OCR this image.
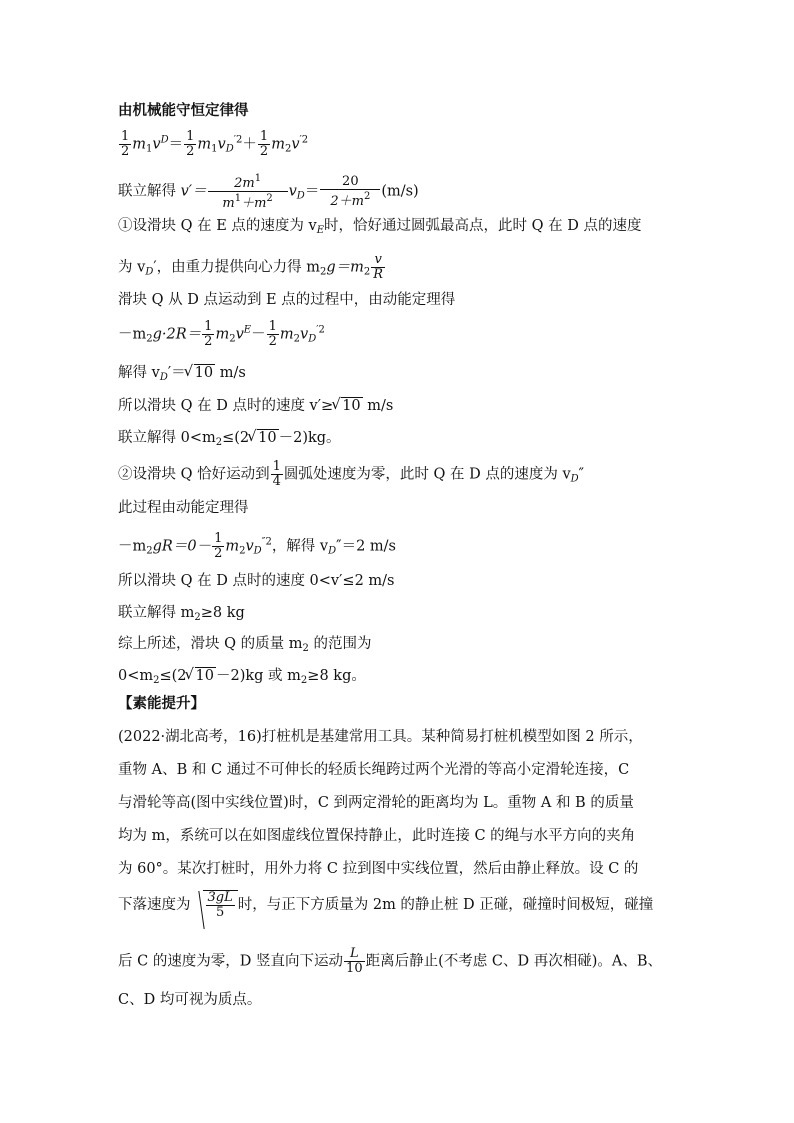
由机械能守恒定律得
$\frac{1}{2} m_1v^D= \frac{1}{2} m_1v_D^{'2}+ \frac{1}{2} m_2v^{'2}$
联立解得 $v'= \frac{2m^1}{m^1+m^2} v_D= \frac{20}{2+m^2} (m/s)$
①设滑块 Q 在 E 点的速度为 $v_E$时，恰好通过圆弧最高点，此时 Q 在 D 点的速度
为 $v_D'$，由重力提供向心力得 $m_2g=m_2 \frac{v}{R}$
滑块 Q 从 D 点运动到 E 点的过程中，由动能定理得
$-m_2g\cdot 2R= \frac{1}{2} m_2v^E- \frac{1}{2} m_2v_D^{'2}$
解得 $v_D'=√$ 10 m/s
所以滑块 Q 在 D 点时的速度 v′≥√ 10 m/s
联立解得 $0<m_2\le(2√$ 10 －2)kg。
②设滑块 Q 恰好运动到 $\frac{1}{4}$ 圆弧处速度为零，此时 Q 在 D 点的速度为 $v_D''$
此过程由动能定理得
$-m_2gR=0- \frac{1}{2} m_2v_D^{''2}$，解得 $v_D''=2$ m/s
所以滑块 Q 在 D 点时的速度 0<v′≤2 m/s
联立解得 $m_2\ge 8$ kg
综上所述，滑块 Q 的质量 $m_2$ 的范围为
$0<m_2\le(2√$ 10 －2)kg 或 $m_2\ge 8$ kg。
【素能提升】
(2022·湖北高考，16)打桩机是基建常用工具。某种简易打桩机模型如图 2 所示，
重物 A、B 和 C 通过不可伸长的轻质长绳跨过两个光滑的等高小定滑轮连接，C
与滑轮等高(图中实线位置)时，C 到两定滑轮的距离均为 L。重物 A 和 B 的质量
均为 m，系统可以在如图虚线位置保持静止，此时连接 C 的绳与水平方向的夹角
为 60°。某次打桩时，用外力将 C 拉到图中实线位置，然后由静止释放。设 C 的
下落速度为 $\frac{3gL}{5}$ 时，与正下方质量为 2m 的静止桩 D 正碰，碰撞时间极短，碰撞
后 C 的速度为零，D 竖直向下运动 $\frac{L}{10}$ 距离后静止(不考虑 C、D 再次相碰)。A、B、
C、D 均可视为质点。
